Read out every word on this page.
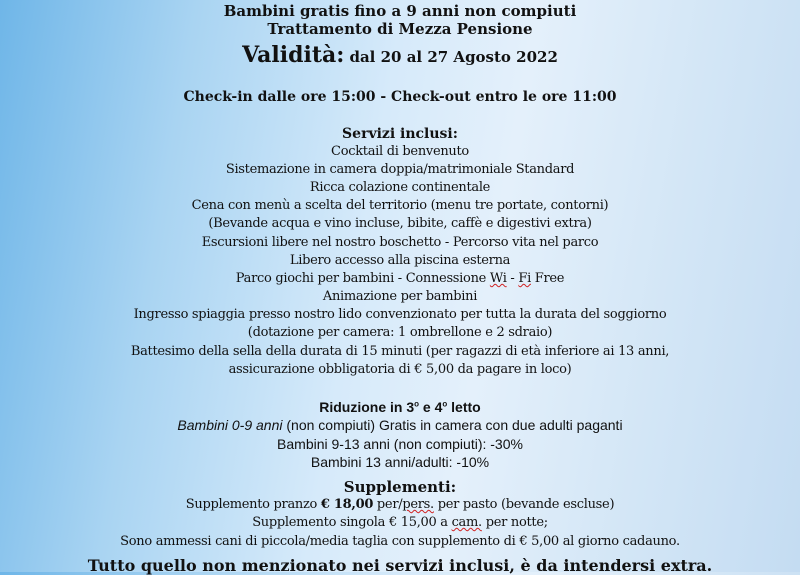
Bambini gratis fino a 9 anni non compiuti
Trattamento di Mezza Pensione
Validità: dal 20 al 27 Agosto 2022
Check-in dalle ore 15:00 - Check-out entro le ore 11:00
Servizi inclusi:
Cocktail di benvenuto
Sistemazione in camera doppia/matrimoniale Standard
Ricca colazione continentale
Cena con menù a scelta del territorio (menu tre portate, contorni)
(Bevande acqua e vino incluse, bibite, caffè e digestivi extra)
Escursioni libere nel nostro boschetto - Percorso vita nel parco
Libero accesso alla piscina esterna
Parco giochi per bambini - Connessione Wi - Fi Free
Animazione per bambini
Ingresso spiaggia presso nostro lido convenzionato per tutta la durata del soggiorno
(dotazione per camera: 1 ombrellone e 2 sdraio)
Battesimo della sella della durata di 15 minuti (per ragazzi di età inferiore ai 13 anni,
assicurazione obbligatoria di € 5,00 da pagare in loco)
Riduzione in 3$^o$ e 4$^o$ letto
Bambini 0-9 anni (non compiuti) Gratis in camera con due adulti paganti
Bambini 9-13 anni (non compiuti): -30%
Bambini 13 anni/adulti: -10%
Supplementi:
Supplemento pranzo € 18,00 per/pers. per pasto (bevande escluse)
Supplemento singola € 15,00 a cam. per notte;
Sono ammessi cani di piccola/media taglia con supplemento di € 5,00 al giorno cadauno.
Tutto quello non menzionato nei servizi inclusi, è da intendersi extra.
